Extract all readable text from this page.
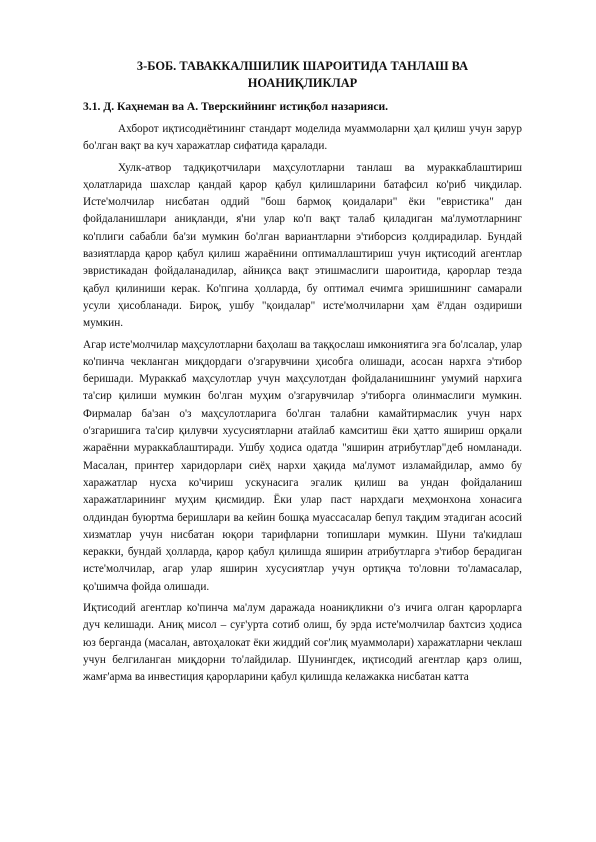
3-БОБ. ТАВАККАЛШИЛИК ШАРОИТИДА ТАНЛАШ ВА
НОАНИҚЛИКЛАР
3.1. Д. Каҳнеман ва А. Тверскийнинг истиқбол назарияси.

Ахборот иқтисодиётининг стандарт моделида муаммоларни ҳал қилиш учун зарур бо'лган вақт ва куч харажатлар сифатида қаралади.

Хулк-атвор тадқиқотчилари маҳсулотларни танлаш ва мураккаблаштириш ҳолатларида шахслар қандай қарор қабул қилишларини батафсил ко'риб чиқдилар. Исте'молчилар нисбатан оддий "бош бармоқ қоидалари" ёки "евристика" дан фойдаланишлари аниқланди, я'ни улар ко'п вақт талаб қиладиган ма'лумотларнинг ко'плиги сабабли ба'зи мумкин бо'лган вариантларни э'тиборсиз қолдирадилар. Бундай вазиятларда қарор қабул қилиш жараёнини оптималлаштириш учун иқтисодий агентлар эвристикадан фойдаланадилар, айниқса вақт этишмаслиги шароитида, қарорлар тезда қабул қилиниши керак. Ко'пгина ҳолларда, бу оптимал ечимга эришишнинг самарали усули ҳисобланади. Бироқ, ушбу "қоидалар" исте'молчиларни ҳам ё'лдан оздириши мумкин.

Агар исте'молчилар маҳсулотларни баҳолаш ва таққослаш имкониятига эга бо'лсалар, улар ко'пинча чекланган миқдордаги о'згарувчини ҳисобга олишади, асосан нархга э'тибор беришади. Мураккаб маҳсулотлар учун маҳсулотдан фойдаланишнинг умумий нархига та'сир қилиши мумкин бо'лган муҳим о'згарувчилар э'тиборга олинмаслиги мумкин. Фирмалар ба'зан о'з маҳсулотларига бо'лган талабни камайтирмаслик учун нарх о'згаришига та'сир қилувчи хусусиятларни атайлаб камситиш ёки ҳатто яшириш орқали жараённи мураккаблаштиради. Ушбу ҳодиса одатда "яширин атрибутлар"деб номланади. Масалан, принтер харидорлари сиёҳ нархи ҳақида ма'лумот изламайдилар, аммо бу харажатлар нусха ко'чириш ускунасига эгалик қилиш ва ундан фойдаланиш харажатларининг муҳим қисмидир. Ёки улар паст нархдаги меҳмонхона хонасига олдиндан буюртма беришлари ва кейин бошқа муассасалар бепул тақдим этадиган асосий хизматлар учун нисбатан юқори тарифларни топишлари мумкин. Шуни та'кидлаш керакки, бундай ҳолларда, қарор қабул қилишда яширин атрибутларга э'тибор берадиган исте'молчилар, агар улар яширин хусусиятлар учун ортиқча то'ловни то'ламасалар, қо'шимча фойда олишади.

Иқтисодий агентлар ко'пинча ма'лум даражада ноаниқликни о'з ичига олган қарорларга дуч келишади. Аниқ мисол – суғ'урта сотиб олиш, бу эрда исте'молчилар бахтсиз ҳодиса юз берганда (масалан, автоҳалокат ёки жиддий соғ'лиқ муаммолари) харажатларни чеклаш учун белгиланган миқдорни то'лайдилар. Шунингдек, иқтисодий агентлар қарз олиш, жамғ'арма ва инвестиция қарорларини қабул қилишда келажакка нисбатан катта
